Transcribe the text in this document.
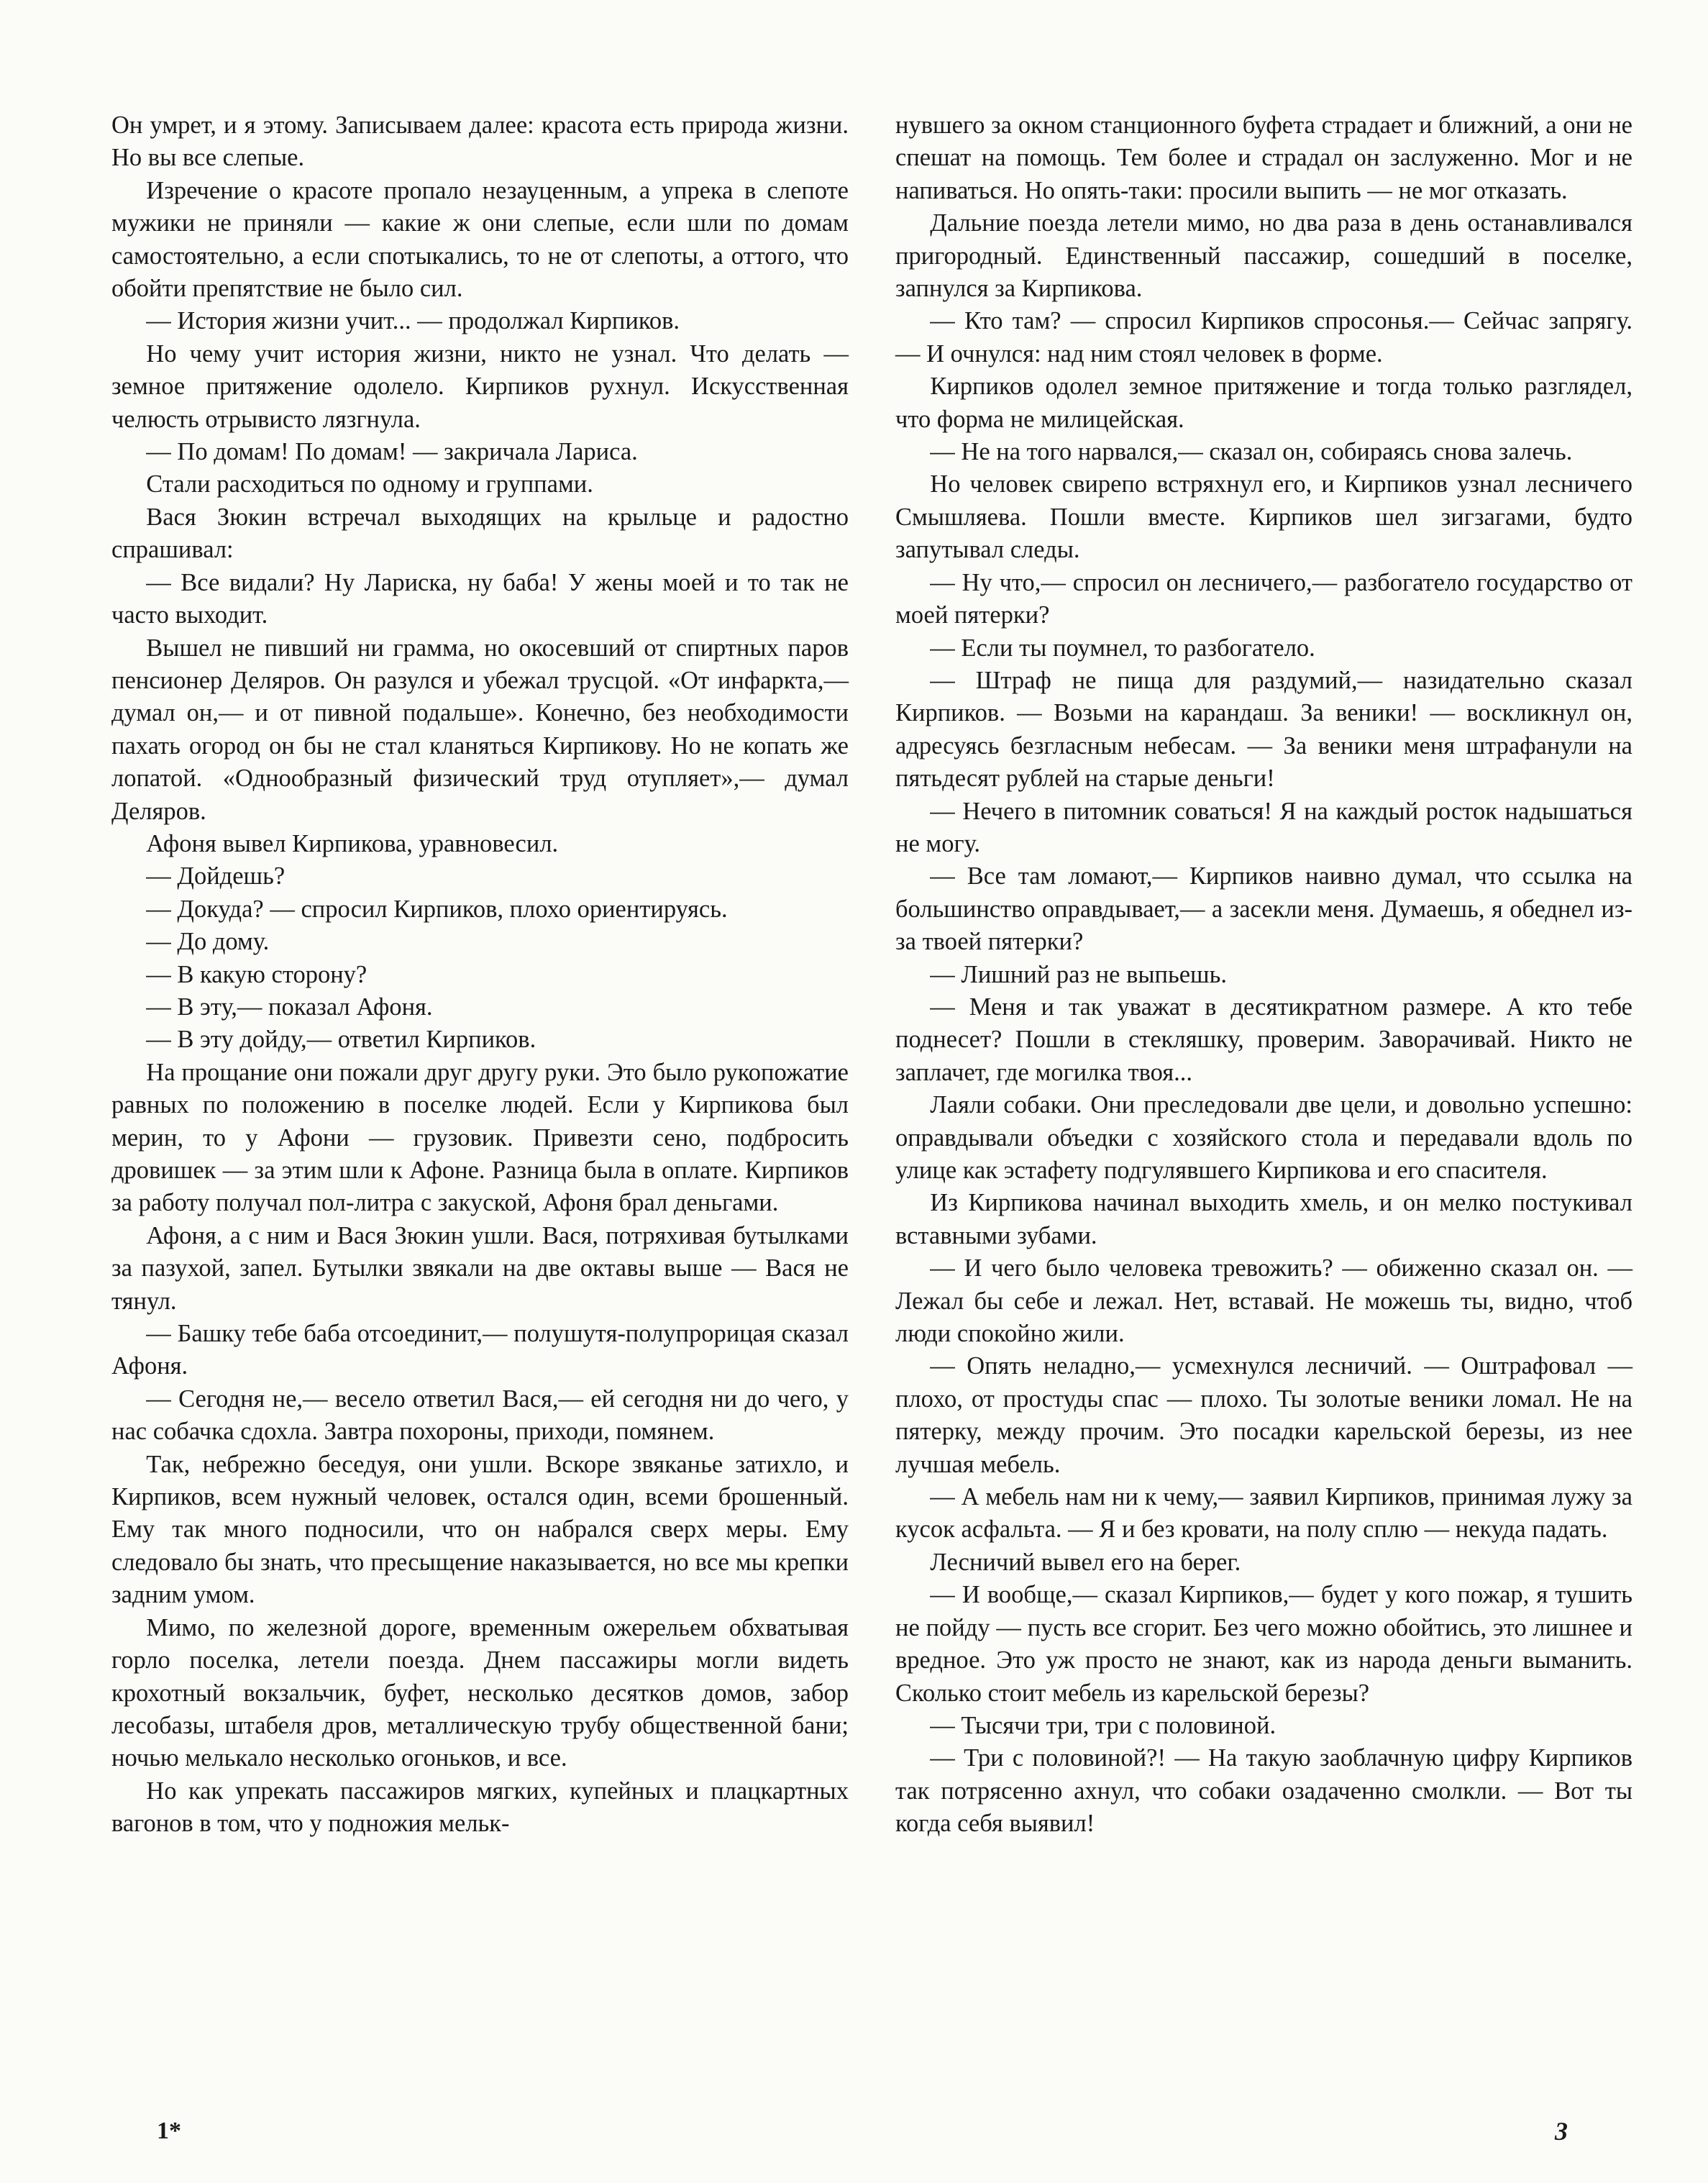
Он умрет, и я этому. Записываем далее: красота есть природа жизни. Но вы все слепые.

Изречение о красоте пропало незауценным, а упрека в слепоте мужики не приняли — какие ж они слепые, если шли по домам самостоятельно, а если спотыкались, то не от слепоты, а оттого, что обойти препятствие не было сил.

— История жизни учит... — продолжал Кирпиков.

Но чему учит история жизни, никто не узнал. Что делать — земное притяжение одолело. Кирпиков рухнул. Искусственная челюсть отрывисто лязгнула.

— По домам! По домам! — закричала Лариса.

Стали расходиться по одному и группами.

Вася Зюкин встречал выходящих на крыльце и радостно спрашивал:

— Все видали? Ну Лариска, ну баба! У жены моей и то так не часто выходит.

Вышел не пивший ни грамма, но окосевший от спиртных паров пенсионер Деляров. Он разулся и убежал трусцой. «От инфаркта,— думал он,— и от пивной подальше». Конечно, без необходимости пахать огород он бы не стал кланяться Кирпикову. Но не копать же лопатой. «Однообразный физический труд отупляет»,— думал Деляров.

Афоня вывел Кирпикова, уравновесил.

— Дойдешь?

— Докуда? — спросил Кирпиков, плохо ориентируясь.

— До дому.

— В какую сторону?

— В эту,— показал Афоня.

— В эту дойду,— ответил Кирпиков.

На прощание они пожали друг другу руки. Это было рукопожатие равных по положению в поселке людей. Если у Кирпикова был мерин, то у Афони — грузовик. Привезти сено, подбросить дровишек — за этим шли к Афоне. Разница была в оплате. Кирпиков за работу получал пол-литра с закуской, Афоня брал деньгами.

Афоня, а с ним и Вася Зюкин ушли. Вася, потряхивая бутылками за пазухой, запел. Бутылки звякали на две октавы выше — Вася не тянул.

— Башку тебе баба отсоединит,— полушутя-полупрорицая сказал Афоня.

— Сегодня не,— весело ответил Вася,— ей сегодня ни до чего, у нас собачка сдохла. Завтра похороны, приходи, помянем.

Так, небрежно беседуя, они ушли. Вскоре звяканье затихло, и Кирпиков, всем нужный человек, остался один, всеми брошенный. Ему так много подносили, что он набрался сверх меры. Ему следовало бы знать, что пресыщение наказывается, но все мы крепки задним умом.

Мимо, по железной дороге, временным ожерельем обхватывая горло поселка, летели поезда. Днем пассажиры могли видеть крохотный вокзальчик, буфет, несколько десятков домов, забор лесобазы, штабеля дров, металлическую трубу общественной бани; ночью мелькало несколько огоньков, и все.

Но как упрекать пассажиров мягких, купейных и плацкартных вагонов в том, что у подножия мельк-

нувшего за окном станционного буфета страдает и ближний, а они не спешат на помощь. Тем более и страдал он заслуженно. Мог и не напиваться. Но опять-таки: просили выпить — не мог отказать.

Дальние поезда летели мимо, но два раза в день останавливался пригородный. Единственный пассажир, сошедший в поселке, запнулся за Кирпикова.

— Кто там? — спросил Кирпиков спросонья.— Сейчас запрягу. — И очнулся: над ним стоял человек в форме.

Кирпиков одолел земное притяжение и тогда только разглядел, что форма не милицейская.

— Не на того нарвался,— сказал он, собираясь снова залечь.

Но человек свирепо встряхнул его, и Кирпиков узнал лесничего Смышляева. Пошли вместе. Кирпиков шел зигзагами, будто запутывал следы.

— Ну что,— спросил он лесничего,— разбогатело государство от моей пятерки?

— Если ты поумнел, то разбогатело.

— Штраф не пища для раздумий,— назидательно сказал Кирпиков. — Возьми на карандаш. За веники! — воскликнул он, адресуясь безгласным небесам. — За веники меня штрафанули на пятьдесят рублей на старые деньги!

— Нечего в питомник соваться! Я на каждый росток надышаться не могу.

— Все там ломают,— Кирпиков наивно думал, что ссылка на большинство оправдывает,— а засекли меня. Думаешь, я обеднел из-за твоей пятерки?

— Лишний раз не выпьешь.

— Меня и так уважат в десятикратном размере. А кто тебе поднесет? Пошли в стекляшку, проверим. Заворачивай. Никто не заплачет, где могилка твоя...

Лаяли собаки. Они преследовали две цели, и довольно успешно: оправдывали объедки с хозяйского стола и передавали вдоль по улице как эстафету подгулявшего Кирпикова и его спасителя.

Из Кирпикова начинал выходить хмель, и он мелко постукивал вставными зубами.

— И чего было человека тревожить? — обиженно сказал он. — Лежал бы себе и лежал. Нет, вставай. Не можешь ты, видно, чтоб люди спокойно жили.

— Опять неладно,— усмехнулся лесничий. — Оштрафовал — плохо, от простуды спас — плохо. Ты золотые веники ломал. Не на пятерку, между прочим. Это посадки карельской березы, из нее лучшая мебель.

— А мебель нам ни к чему,— заявил Кирпиков, принимая лужу за кусок асфальта. — Я и без кровати, на полу сплю — некуда падать.

Лесничий вывел его на берег.

— И вообще,— сказал Кирпиков,— будет у кого пожар, я тушить не пойду — пусть все сгорит. Без чего можно обойтись, это лишнее и вредное. Это уж просто не знают, как из народа деньги выманить. Сколько стоит мебель из карельской березы?

— Тысячи три, три с половиной.

— Три с половиной?! — На такую заоблачную цифру Кирпиков так потрясенно ахнул, что собаки озадаченно смолкли. — Вот ты когда себя выявил!

1*	3
